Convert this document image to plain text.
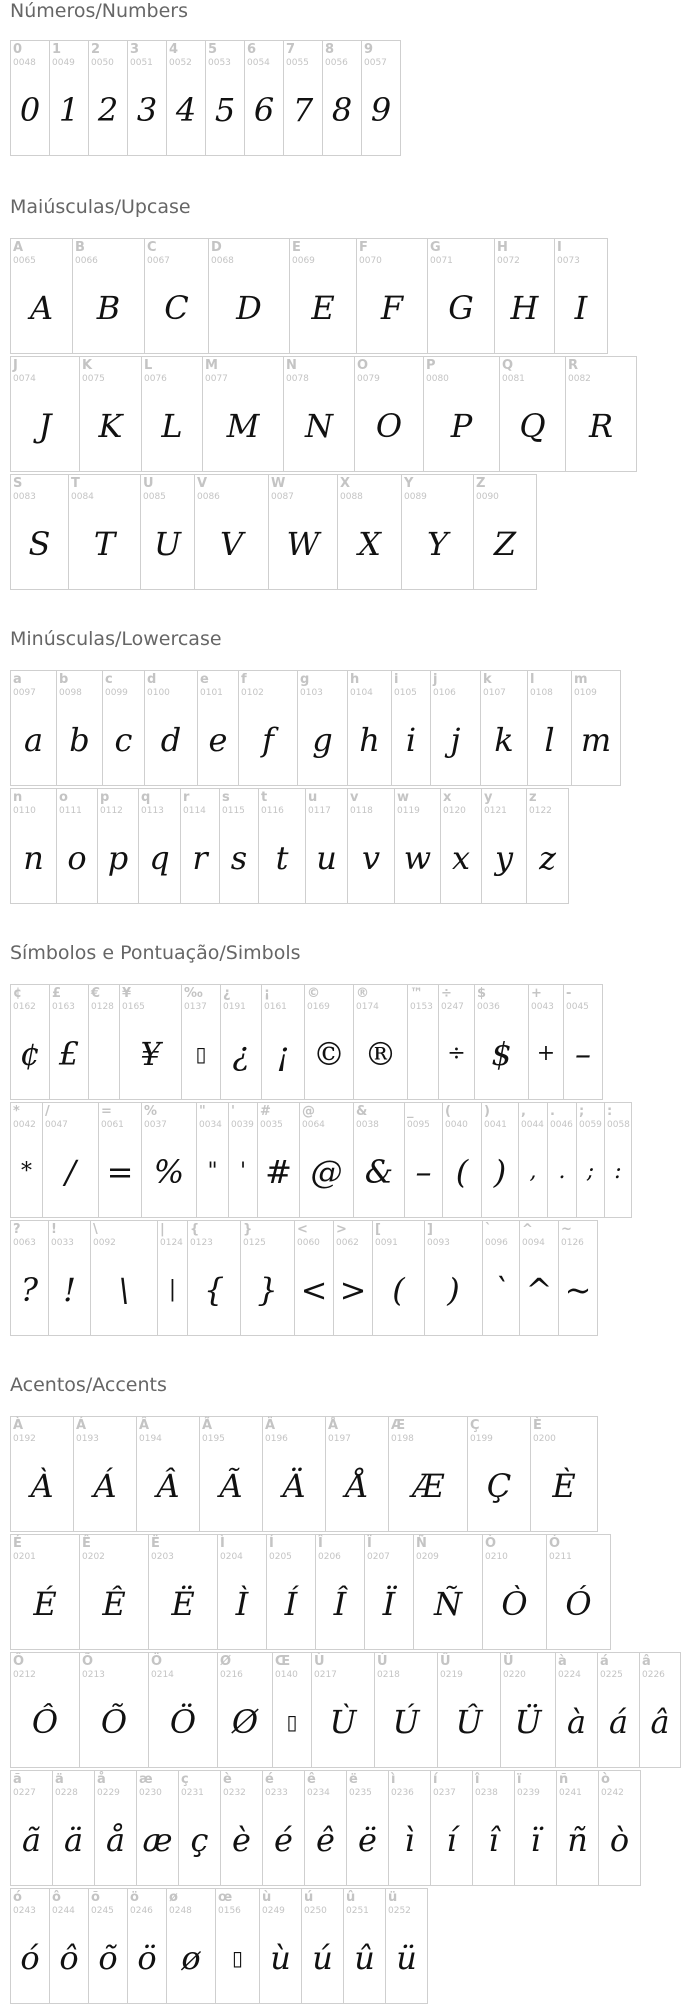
Números/Numbers
0
0048
0
1
0049
1
2
0050
2
3
0051
3
4
0052
4
5
0053
5
6
0054
6
7
0055
7
8
0056
8
9
0057
9
Maiúsculas/Upcase
A
0065
A
B
0066
B
C
0067
C
D
0068
D
E
0069
E
F
0070
F
G
0071
G
H
0072
H
I
0073
I
J
0074
J
K
0075
K
L
0076
L
M
0077
M
N
0078
N
O
0079
O
P
0080
P
Q
0081
Q
R
0082
R
S
0083
S
T
0084
T
U
0085
U
V
0086
V
W
0087
W
X
0088
X
Y
0089
Y
Z
0090
Z
Minúsculas/Lowercase
a
0097
a
b
0098
b
c
0099
c
d
0100
d
e
0101
e
f
0102
f
g
0103
g
h
0104
h
i
0105
i
j
0106
j
k
0107
k
l
0108
l
m
0109
m
n
0110
n
o
0111
o
p
0112
p
q
0113
q
r
0114
r
s
0115
s
t
0116
t
u
0117
u
v
0118
v
w
0119
w
x
0120
x
y
0121
y
z
0122
z
Símbolos e Pontuação/Simbols
¢
0162
¢
£
0163
£
€
0128
¥
0165
¥
‰
0137
▯
¿
0191
¿
¡
0161
¡
©
0169
©
®
0174
®
™
0153
÷
0247
÷
$
0036
$
+
0043
+
-
0045
–
*
0042
*
/
0047
/
=
0061
=
%
0037
%
"
0034
"
'
0039
'
#
0035
#
@
0064
@
&
0038
&
_
0095
–
(
0040
(
)
0041
)
,
0044
,
.
0046
.
;
0059
;
:
0058
:
?
0063
?
!
0033
!
\
0092
\
|
0124
|
{
0123
{
}
0125
}
<
0060
<
>
0062
>
[
0091
(
]
0093
)
`
0096
`
^
0094
^
~
0126
~
Acentos/Accents
À
0192
À
Á
0193
Á
Â
0194
Â
Ã
0195
Ã
Ä
0196
Ä
Å
0197
Å
Æ
0198
Æ
Ç
0199
Ç
È
0200
È
É
0201
É
Ê
0202
Ê
Ë
0203
Ë
Ì
0204
Ì
Í
0205
Í
Î
0206
Î
Ï
0207
Ï
Ñ
0209
Ñ
Ò
0210
Ò
Ó
0211
Ó
Ô
0212
Ô
Õ
0213
Õ
Ö
0214
Ö
Ø
0216
Ø
Œ
0140
▯
Ù
0217
Ù
Ú
0218
Ú
Û
0219
Û
Ü
0220
Ü
à
0224
à
á
0225
á
â
0226
â
ã
0227
ã
ä
0228
ä
å
0229
å
æ
0230
æ
ç
0231
ç
è
0232
è
é
0233
é
ê
0234
ê
ë
0235
ë
ì
0236
ì
í
0237
í
î
0238
î
ï
0239
ï
ñ
0241
ñ
ò
0242
ò
ó
0243
ó
ô
0244
ô
õ
0245
õ
ö
0246
ö
ø
0248
ø
œ
0156
▯
ù
0249
ù
ú
0250
ú
û
0251
û
ü
0252
ü
